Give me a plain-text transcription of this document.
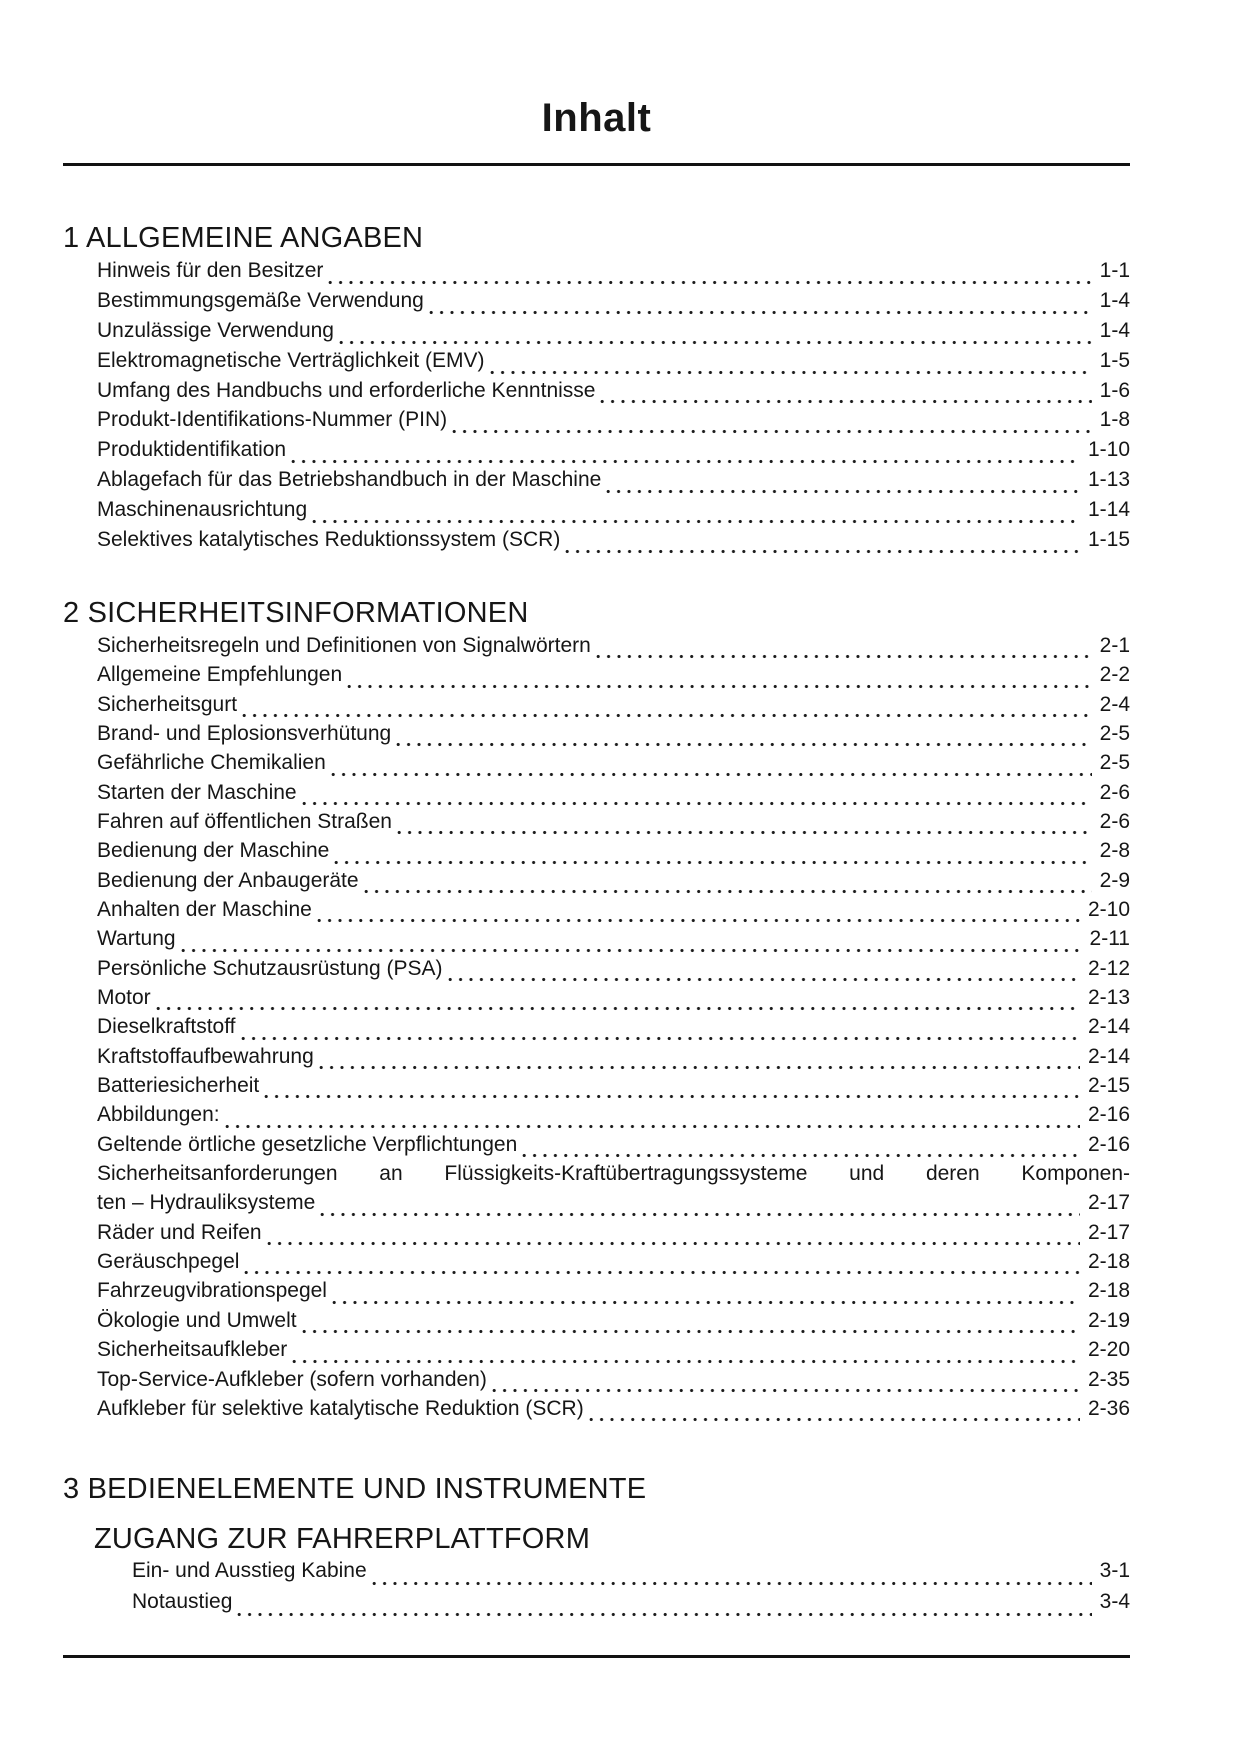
Inhalt
1 ALLGEMEINE ANGABEN
Hinweis für den Besitzer	1-1
Bestimmungsgemäße Verwendung	1-4
Unzulässige Verwendung	1-4
Elektromagnetische Verträglichkeit (EMV)	1-5
Umfang des Handbuchs und erforderliche Kenntnisse	1-6
Produkt-Identifikations-Nummer (PIN)	1-8
Produktidentifikation	1-10
Ablagefach für das Betriebshandbuch in der Maschine	1-13
Maschinenausrichtung	1-14
Selektives katalytisches Reduktionssystem (SCR)	1-15
2 SICHERHEITSINFORMATIONEN
Sicherheitsregeln und Definitionen von Signalwörtern	2-1
Allgemeine Empfehlungen	2-2
Sicherheitsgurt	2-4
Brand- und Eplosionsverhütung	2-5
Gefährliche Chemikalien	2-5
Starten der Maschine	2-6
Fahren auf öffentlichen Straßen	2-6
Bedienung der Maschine	2-8
Bedienung der Anbaugeräte	2-9
Anhalten der Maschine	2-10
Wartung	2-11
Persönliche Schutzausrüstung (PSA)	2-12
Motor	2-13
Dieselkraftstoff	2-14
Kraftstoffaufbewahrung	2-14
Batteriesicherheit	2-15
Abbildungen:	2-16
Geltende örtliche gesetzliche Verpflichtungen	2-16
Sicherheitsanforderungen an Flüssigkeits-Kraftübertragungssysteme und deren Komponen-
ten – Hydrauliksysteme	2-17
Räder und Reifen	2-17
Geräuschpegel	2-18
Fahrzeugvibrationspegel	2-18
Ökologie und Umwelt	2-19
Sicherheitsaufkleber	2-20
Top-Service-Aufkleber (sofern vorhanden)	2-35
Aufkleber für selektive katalytische Reduktion (SCR)	2-36
3 BEDIENELEMENTE UND INSTRUMENTE
ZUGANG ZUR FAHRERPLATTFORM
Ein- und Ausstieg Kabine	3-1
Notaustieg	3-4
